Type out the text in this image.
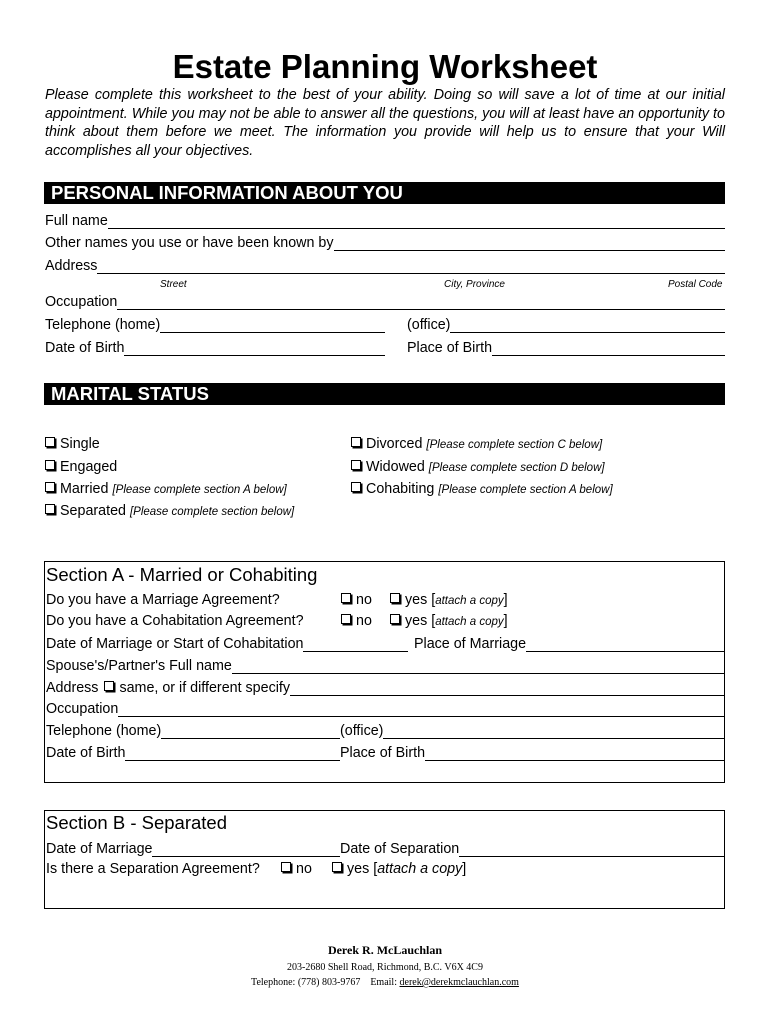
Estate Planning Worksheet
Please complete this worksheet to the best of your ability. Doing so will save a lot of time at our initial appointment. While you may not be able to answer all the questions, you will at least have an opportunity to think about them before we meet. The information you provide will help us to ensure that your Will accomplishes all your objectives.
PERSONAL INFORMATION ABOUT YOU
Full name
Other names you use or have been known by
Address
Street	City, Province	Postal Code
Occupation
Telephone (home)	(office)
Date of Birth	Place of Birth
MARITAL STATUS
Single
Engaged
Married [Please complete section A below]
Separated [Please complete section below]
Divorced [Please complete section C below]
Widowed [Please complete section D below]
Cohabiting [Please complete section A below]
Section A - Married or Cohabiting
Do you have a Marriage Agreement?	no	yes [attach a copy]
Do you have a Cohabitation Agreement?	no	yes [attach a copy]
Date of Marriage or Start of Cohabitation	Place of Marriage
Spouse's/Partner's Full name
Address	same, or if different specify
Occupation
Telephone (home)	(office)
Date of Birth	Place of Birth
Section B - Separated
Date of Marriage	Date of Separation
Is there a Separation Agreement?	no	yes [attach a copy]
Derek R. McLauchlan
203-2680 Shell Road, Richmond, B.C. V6X 4C9
Telephone: (778) 803-9767 Email: derek@derekmclauchlan.com
